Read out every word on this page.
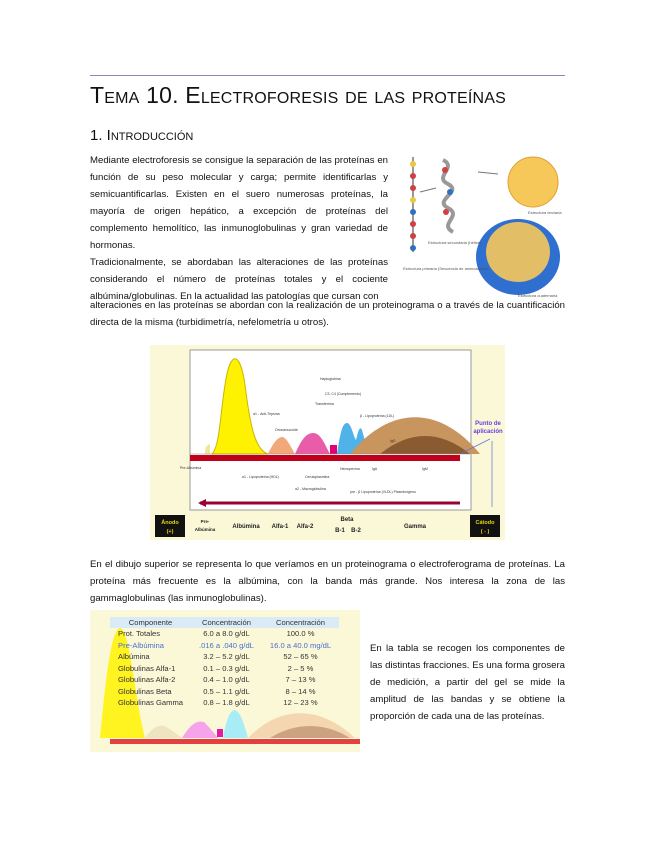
Tema 10. Electroforesis de las proteínas
1. Introducción
Mediante electroforesis se consigue la separación de las proteínas en función de su peso molecular y carga; permite identificarlas y semicuantificarlas. Existen en el suero numerosas proteínas, la mayoría de origen hepático, a excepción de proteínas del complemento hemolítico, las inmunoglobulinas y gran variedad de hormonas.
Tradicionalmente, se abordaban las alteraciones de las proteínas considerando el número de proteínas totales y el cociente albúmina/globulinas. En la actualidad las patologías que cursan con
alteraciones en las proteínas se abordan con la realización de un proteinograma o a través de la cuantificación directa de la misma (turbidimetría, nefelometría u otros).
Estructura primaria (Secuencia de aminoácidos)
Estructura secundaria (hélice)
Estructura terciaria
Estructura cuaternaria
Pre-Albúmina
α1 - Anti-Tripsina
Orosomucoide
Haptoglobina
C3, C4 (Complemento)
Transferrina
β - Lipoproteína (LDL)
IgG
α1 - Lipoproteína (HDL)	Ceruloplasmina
α2 - Macroglobulina
pre - β Lipoproteína (VLDL) Plasminógeno
Hemopexina	IgA	IgM
Punto de
aplicación
Ánodo
(+)
Cátodo
( - )
Pre-
Albúmina	Albúmina Alfa-1 Alfa-2
Beta
B-1 B-2
Gamma
En el dibujo superior se representa lo que veríamos en un proteinograma o electroferograma de proteínas. La proteína más frecuente es la albúmina, con la banda más grande. Nos interesa la zona de las gammaglobulinas (las inmunoglobulinas).
Componente	Concentración	Concentración
Prot. Totales	6.0 a 8.0 g/dL	100.0 %
Pre-Albúmina	.016 a .040 g/dL	16.0 a 40.0 mg/dL
Albúmina	3.2 – 5.2 g/dL	52 – 65 %
Globulinas Alfa-1	0.1 – 0.3 g/dL	2 – 5 %
Globulinas Alfa-2	0.4 – 1.0 g/dL	7 – 13 %
Globulinas Beta	0.5 – 1.1 g/dL	8 – 14 %
Globulinas Gamma	0.8 – 1.8 g/dL	12 – 23 %
En la tabla se recogen los componentes de las distintas fracciones. Es una forma grosera de medición, a partir del gel se mide la amplitud de las bandas y se obtiene la proporción de cada una de las proteínas.
